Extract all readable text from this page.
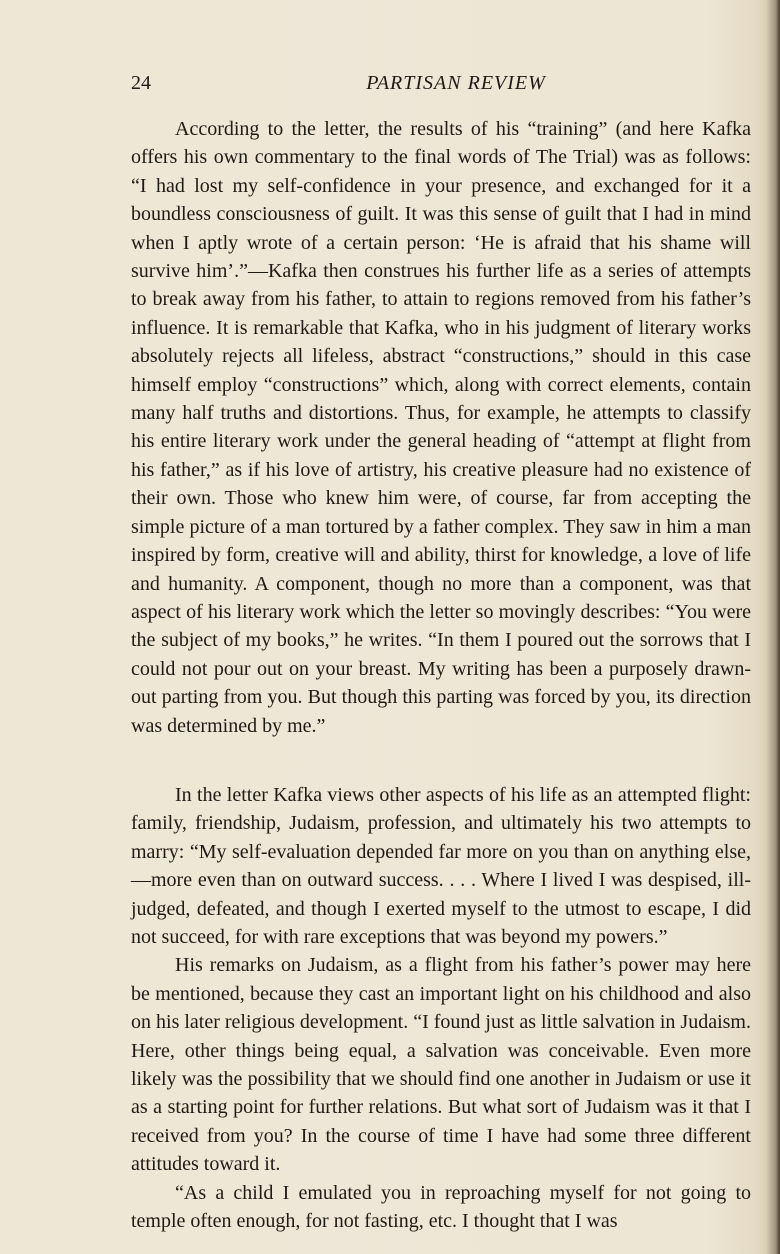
24	PARTISAN REVIEW

According to the letter, the results of his “training” (and here Kafka offers his own commentary to the final words of The Trial) was as follows: “I had lost my self-confidence in your presence, and exchanged for it a boundless consciousness of guilt. It was this sense of guilt that I had in mind when I aptly wrote of a certain person: ‘He is afraid that his shame will survive him’.”—Kafka then construes his further life as a series of attempts to break away from his father, to attain to regions removed from his father’s influence. It is remarkable that Kafka, who in his judgment of literary works absolutely rejects all lifeless, abstract “constructions,” should in this case himself employ “constructions” which, along with correct elements, contain many half truths and distortions. Thus, for example, he attempts to classify his entire literary work under the general heading of “attempt at flight from his father,” as if his love of artistry, his creative pleasure had no existence of their own. Those who knew him were, of course, far from accepting the simple picture of a man tortured by a father complex. They saw in him a man inspired by form, creative will and ability, thirst for knowledge, a love of life and humanity. A component, though no more than a component, was that aspect of his literary work which the letter so movingly describes: “You were the subject of my books,” he writes. “In them I poured out the sorrows that I could not pour out on your breast. My writing has been a purposely drawn-out parting from you. But though this parting was forced by you, its direction was determined by me.”

In the letter Kafka views other aspects of his life as an attempted flight: family, friendship, Judaism, profession, and ultimately his two attempts to marry: “My self-evaluation depended far more on you than on anything else,—more even than on outward success. . . . Where I lived I was despised, ill-judged, defeated, and though I exerted myself to the utmost to escape, I did not succeed, for with rare exceptions that was beyond my powers.”

His remarks on Judaism, as a flight from his father’s power may here be mentioned, because they cast an important light on his childhood and also on his later religious development. “I found just as little salvation in Judaism. Here, other things being equal, a salvation was conceivable. Even more likely was the possibility that we should find one another in Judaism or use it as a starting point for further relations. But what sort of Judaism was it that I received from you? In the course of time I have had some three different attitudes toward it.

“As a child I emulated you in reproaching myself for not going to temple often enough, for not fasting, etc. I thought that I was
